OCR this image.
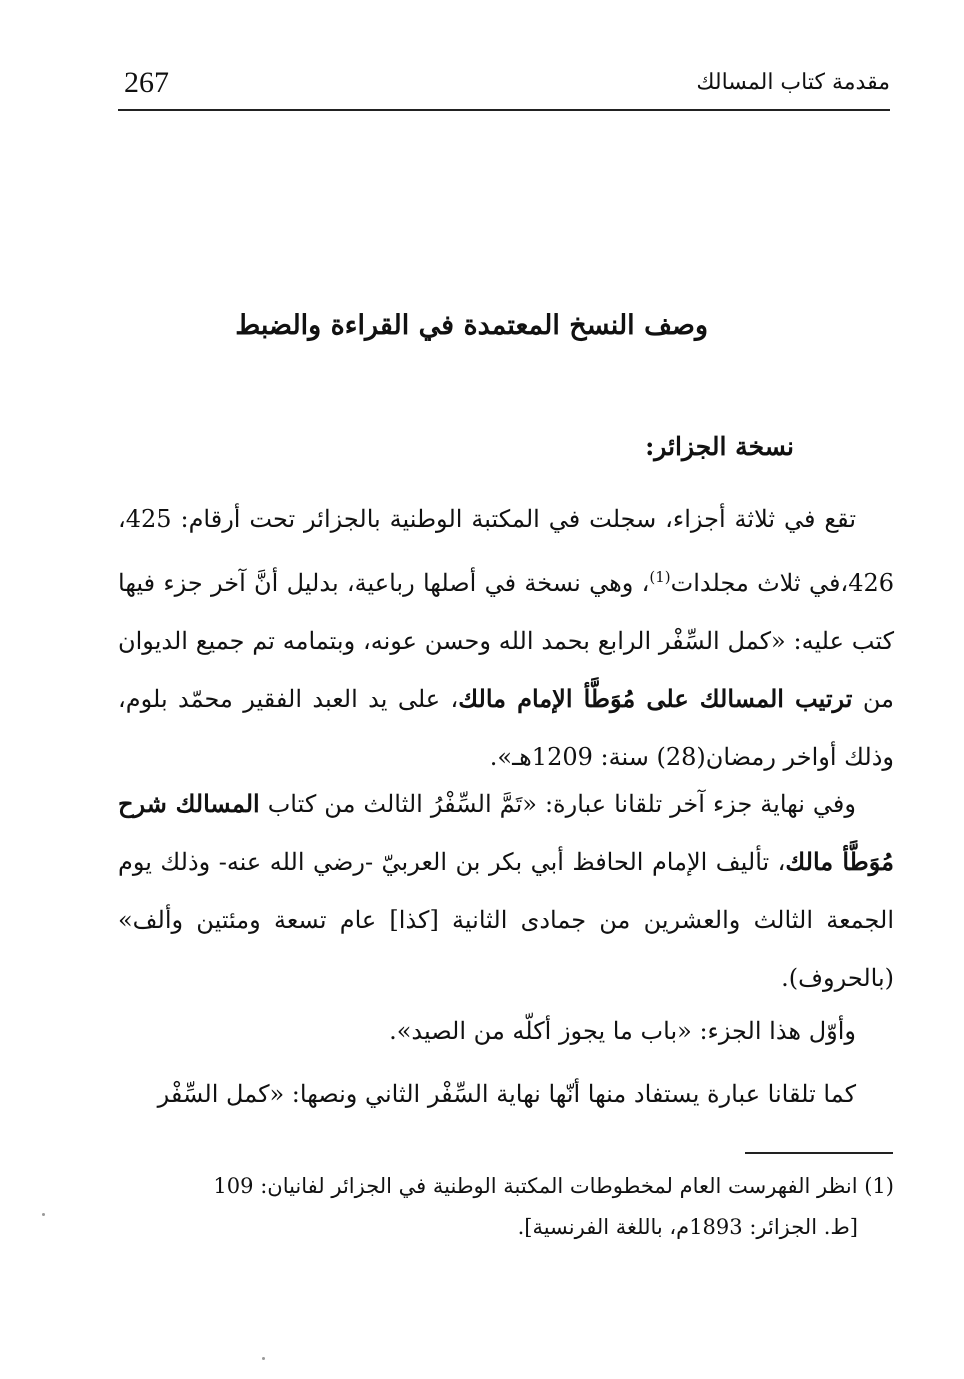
267	مقدمة كتاب المسالك
وصف النسخ المعتمدة في القراءة والضبط
نسخة الجزائر:

تقع في ثلاثة أجزاء، سجلت في المكتبة الوطنية بالجزائر تحت أرقام: 425، 426،في ثلاث مجلدات$^{(1)}$، وهي نسخة في أصلها رباعية، بدليل أنَّ آخر جزء فيها كتب عليه: «كمل السِّفْر الرابع بحمد الله وحسن عونه، وبتمامه تم جميع الديوان من ترتيب المسالك على مُوَطَّأ الإمام مالك، على يد العبد الفقير محمّد بلوم، وذلك أواخر رمضان(28) سنة: 1209هـ».

وفي نهاية جزء آخر تلقانا عبارة: «تَمَّ السِّفْرُ الثالث من كتاب المسالك شرح مُوَطَّأ مالك، تأليف الإمام الحافظ أبي بكر بن العربيّ -رضي الله عنه- وذلك يوم الجمعة الثالث والعشرين من جمادى الثانية [كذا] عام تسعة ومئتين وألف» (بالحروف).

وأوّل هذا الجزء: «باب ما يجوز أكلّه من الصيد».

كما تلقانا عبارة يستفاد منها أنّها نهاية السِّفْر الثاني ونصها: «كمل السِّفْر

(1) انظر الفهرست العام لمخطوطات المكتبة الوطنية في الجزائر لفانيان: 109
[ط. الجزائر: 1893م، باللغة الفرنسية].
